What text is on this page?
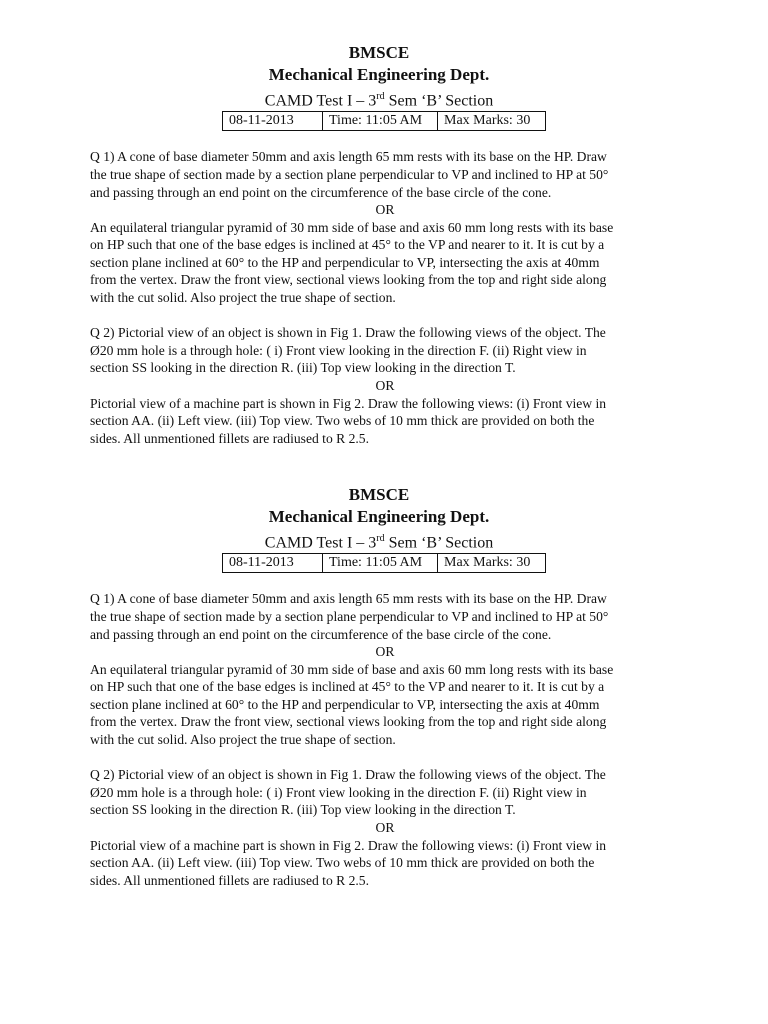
BMSCE
Mechanical Engineering Dept.
CAMD Test I – 3rd Sem ‘B’ Section
08-11-2013	Time: 11:05 AM	Max Marks: 30
Q 1) A cone of base diameter 50mm and axis length 65 mm rests with its base on the HP. Draw
the true shape of section made by a section plane perpendicular to VP and inclined to HP at 50°
and passing through an end point on the circumference of the base circle of the cone.
OR
An equilateral triangular pyramid of 30 mm side of base and axis 60 mm long rests with its base
on HP such that one of the base edges is inclined at 45° to the VP and nearer to it. It is cut by a
section plane inclined at 60° to the HP and perpendicular to VP, intersecting the axis at 40mm
from the vertex. Draw the front view, sectional views looking from the top and right side along
with the cut solid. Also project the true shape of section.
Q 2) Pictorial view of an object is shown in Fig 1. Draw the following views of the object. The
Ø20 mm hole is a through hole: ( i) Front view looking in the direction F. (ii) Right view in
section SS looking in the direction R. (iii) Top view looking in the direction T.
OR
Pictorial view of a machine part is shown in Fig 2. Draw the following views: (i) Front view in
section AA. (ii) Left view. (iii) Top view. Two webs of 10 mm thick are provided on both the
sides. All unmentioned fillets are radiused to R 2.5.
BMSCE
Mechanical Engineering Dept.
CAMD Test I – 3rd Sem ‘B’ Section
08-11-2013	Time: 11:05 AM	Max Marks: 30
Q 1) A cone of base diameter 50mm and axis length 65 mm rests with its base on the HP. Draw
the true shape of section made by a section plane perpendicular to VP and inclined to HP at 50°
and passing through an end point on the circumference of the base circle of the cone.
OR
An equilateral triangular pyramid of 30 mm side of base and axis 60 mm long rests with its base
on HP such that one of the base edges is inclined at 45° to the VP and nearer to it. It is cut by a
section plane inclined at 60° to the HP and perpendicular to VP, intersecting the axis at 40mm
from the vertex. Draw the front view, sectional views looking from the top and right side along
with the cut solid. Also project the true shape of section.
Q 2) Pictorial view of an object is shown in Fig 1. Draw the following views of the object. The
Ø20 mm hole is a through hole: ( i) Front view looking in the direction F. (ii) Right view in
section SS looking in the direction R. (iii) Top view looking in the direction T.
OR
Pictorial view of a machine part is shown in Fig 2. Draw the following views: (i) Front view in
section AA. (ii) Left view. (iii) Top view. Two webs of 10 mm thick are provided on both the
sides. All unmentioned fillets are radiused to R 2.5.
